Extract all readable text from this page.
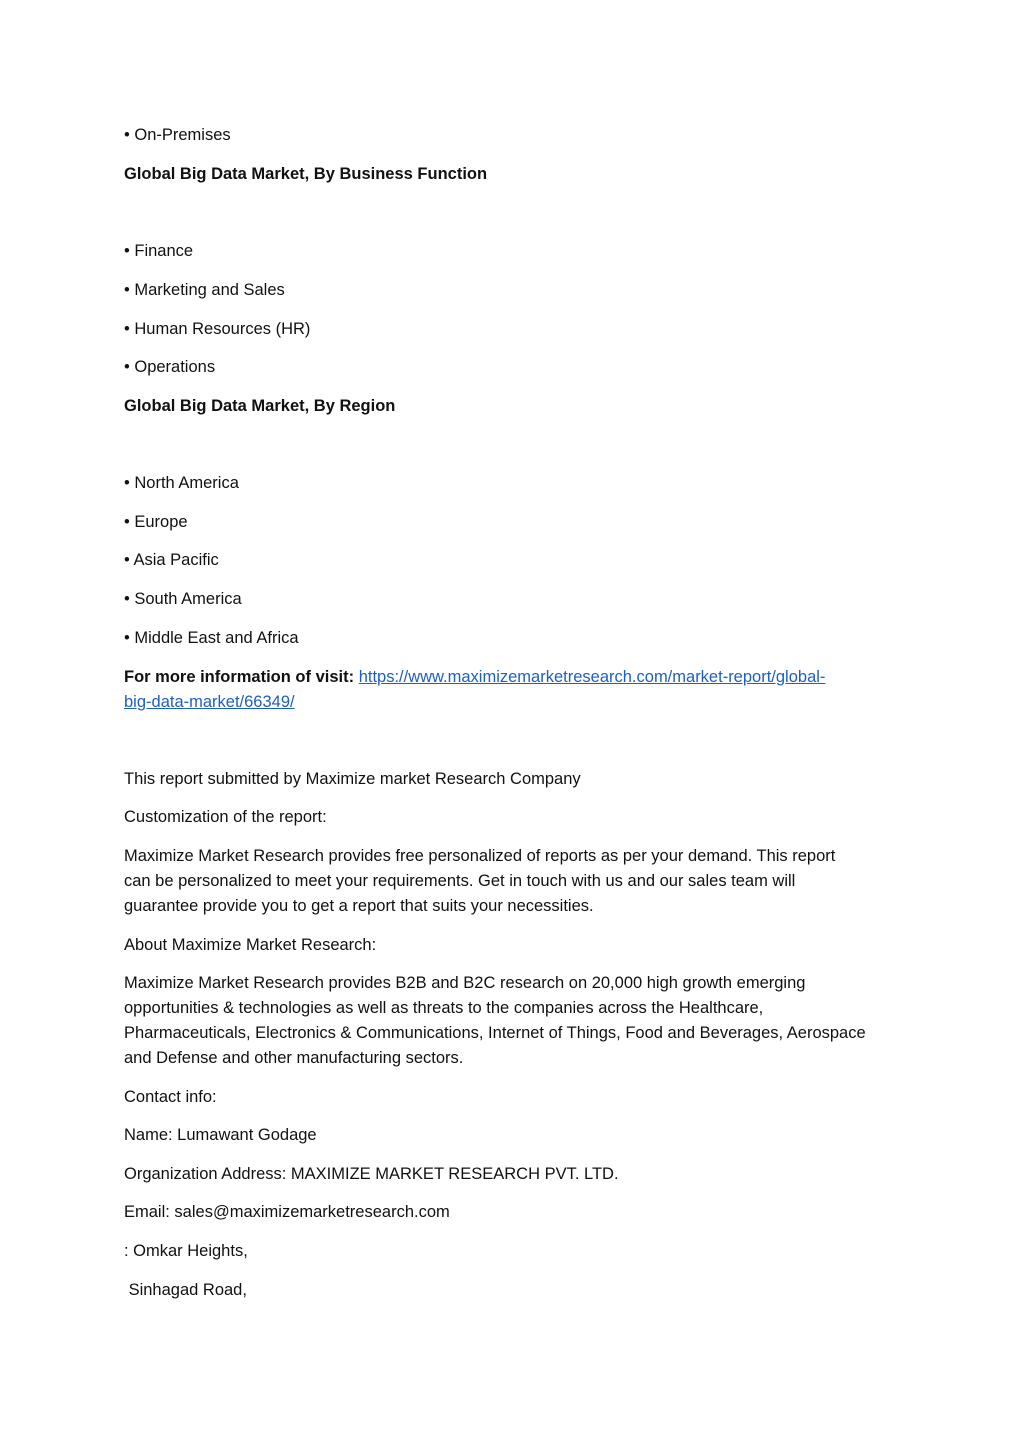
• On-Premises

Global Big Data Market, By Business Function

• Finance

• Marketing and Sales

• Human Resources (HR)

• Operations

Global Big Data Market, By Region

• North America

• Europe

• Asia Pacific

• South America

• Middle East and Africa

For more information of visit: https://www.maximizemarketresearch.com/market-report/global-
big-data-market/66349/

This report submitted by Maximize market Research Company

Customization of the report:

Maximize Market Research provides free personalized of reports as per your demand. This report
can be personalized to meet your requirements. Get in touch with us and our sales team will
guarantee provide you to get a report that suits your necessities.

About Maximize Market Research:

Maximize Market Research provides B2B and B2C research on 20,000 high growth emerging
opportunities & technologies as well as threats to the companies across the Healthcare,
Pharmaceuticals, Electronics & Communications, Internet of Things, Food and Beverages, Aerospace
and Defense and other manufacturing sectors.

Contact info:

Name: Lumawant Godage

Organization Address: MAXIMIZE MARKET RESEARCH PVT. LTD.

Email: sales@maximizemarketresearch.com

: Omkar Heights,

Sinhagad Road,
